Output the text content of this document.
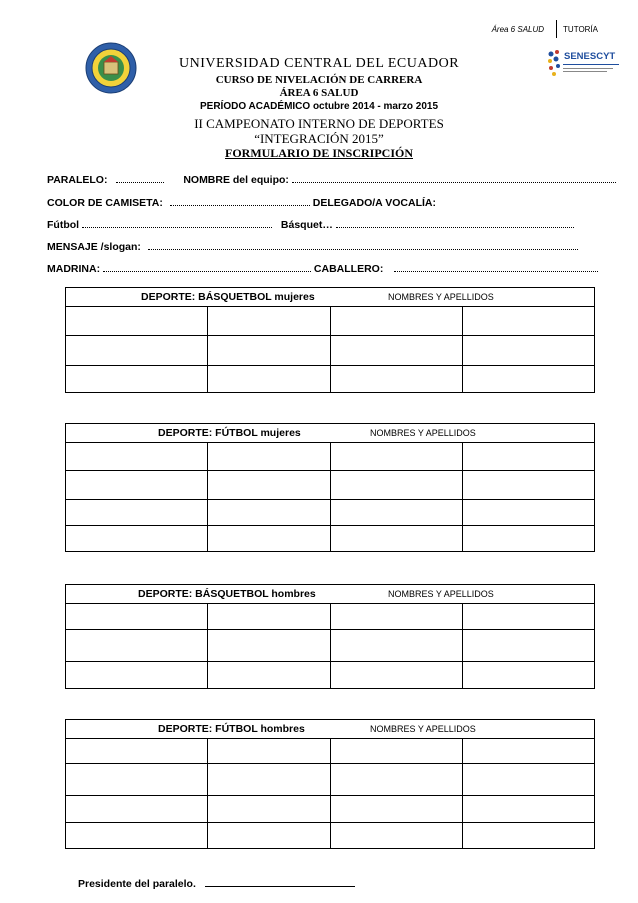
Área 6 SALUD	TUTORÍA
SENESCYT
UNIVERSIDAD CENTRAL DEL ECUADOR
CURSO DE NIVELACIÓN DE CARRERA
ÁREA 6 SALUD
PERÍODO ACADÉMICO octubre 2014 - marzo 2015
II CAMPEONATO INTERNO DE DEPORTES
“INTEGRACIÓN 2015”
FORMULARIO DE INSCRIPCIÓN
PARALELO:	NOMBRE del equipo:
COLOR DE CAMISETA:	DELEGADO/A VOCALÍA:
Fútbol	Básquet…
MENSAJE /slogan:
MADRINA:	CABALLERO:
DEPORTE: BÁSQUETBOL mujeres	NOMBRES Y APELLIDOS
DEPORTE: FÚTBOL mujeres	NOMBRES Y APELLIDOS
DEPORTE: BÁSQUETBOL hombres	NOMBRES Y APELLIDOS
DEPORTE: FÚTBOL hombres	NOMBRES Y APELLIDOS
Presidente del paralelo.
